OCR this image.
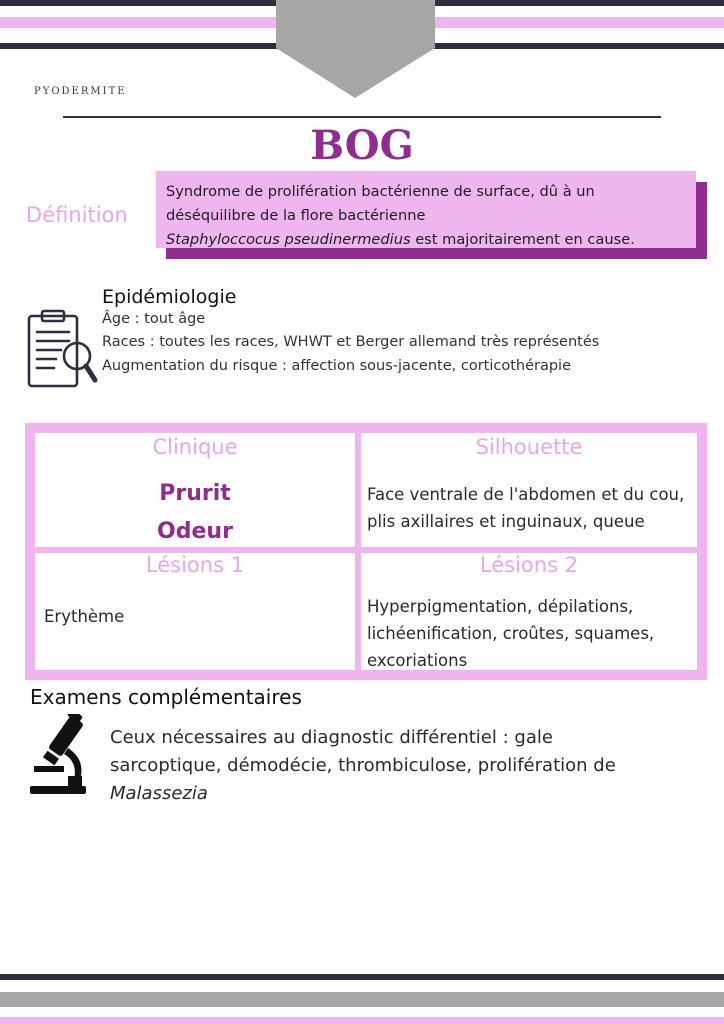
PYODERMITE
BOG
Définition
Syndrome de prolifération bactérienne de surface, dû à un
déséquilibre de la flore bactérienne
Staphyloccocus pseudinermedius est majoritairement en cause.
Epidémiologie
Âge : tout âge
Races : toutes les races, WHWT et Berger allemand très représentés
Augmentation du risque : affection sous-jacente, corticothérapie
Clinique
Prurit
Odeur
Silhouette
Face ventrale de l'abdomen et du cou,
plis axillaires et inguinaux, queue
Lésions 1
Erythème
Lésions 2
Hyperpigmentation, dépilations,
lichéenification, croûtes, squames,
excoriations
Examens complémentaires
Ceux nécessaires au diagnostic différentiel : gale
sarcoptique, démodécie, thrombiculose, prolifération de
Malassezia
